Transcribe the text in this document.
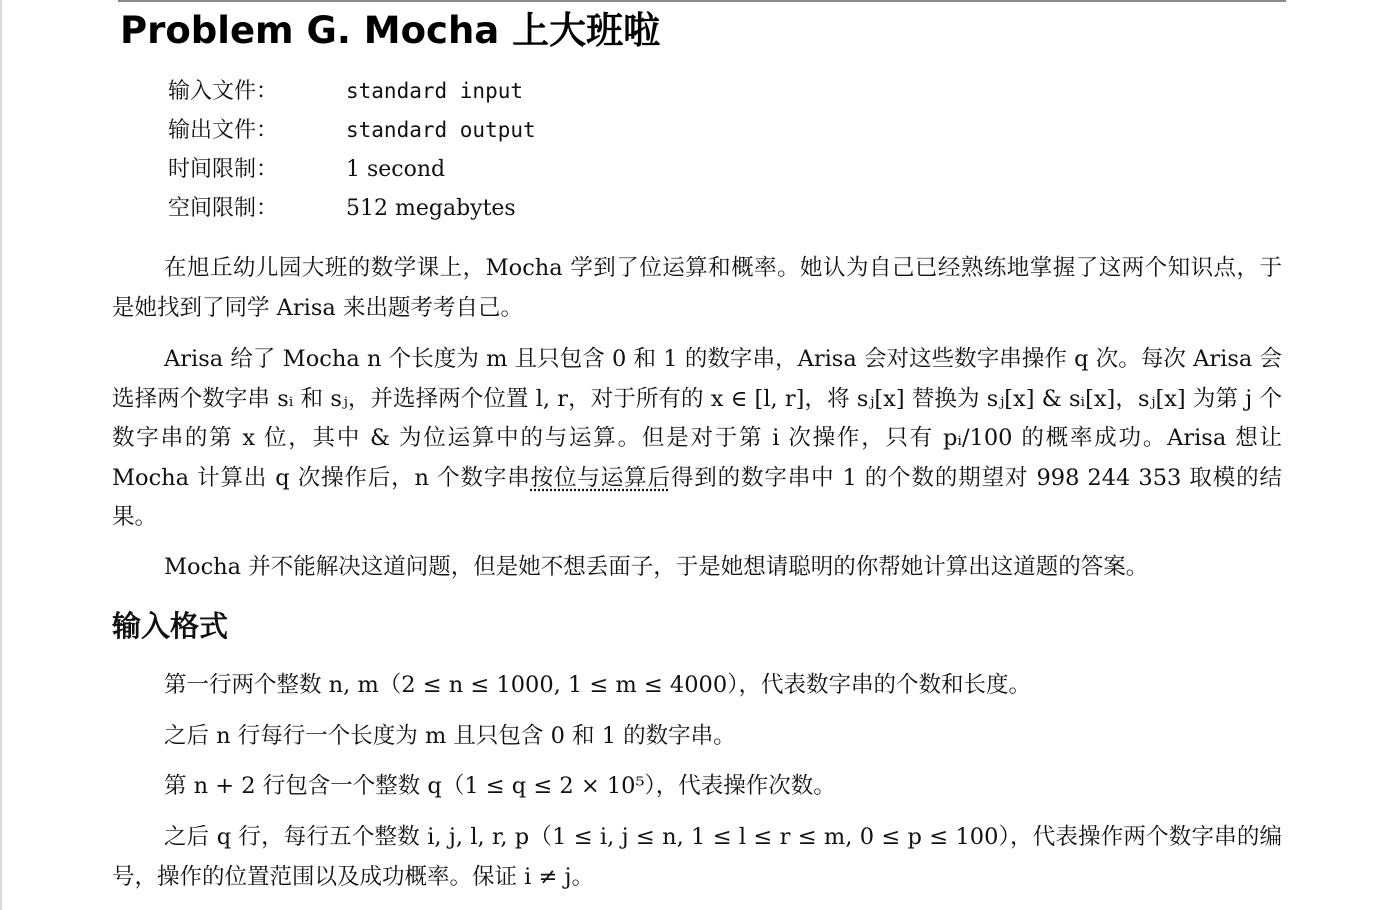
Problem G. Mocha 上大班啦
输入文件：	standard input
输出文件：	standard output
时间限制：	1 second
空间限制：	512 megabytes

在旭丘幼儿园大班的数学课上，Mocha 学到了位运算和概率。她认为自己已经熟练地掌握了这两个知识点，于是她找到了同学 Arisa 来出题考考自己。

Arisa 给了 Mocha n 个长度为 m 且只包含 0 和 1 的数字串，Arisa 会对这些数字串操作 q 次。每次 Arisa 会选择两个数字串 sᵢ 和 sⱼ，并选择两个位置 l, r，对于所有的 x ∈ [l, r]，将 sⱼ[x] 替换为 sⱼ[x] & sᵢ[x]，sⱼ[x] 为第 j 个数字串的第 x 位，其中 & 为位运算中的与运算。但是对于第 i 次操作，只有 pᵢ/100 的概率成功。Arisa 想让 Mocha 计算出 q 次操作后，n 个数字串按位与运算后得到的数字串中 1 的个数的期望对 998 244 353 取模的结果。

Mocha 并不能解决这道问题，但是她不想丢面子，于是她想请聪明的你帮她计算出这道题的答案。

输入格式

第一行两个整数 n, m（2 ≤ n ≤ 1000, 1 ≤ m ≤ 4000），代表数字串的个数和长度。

之后 n 行每行一个长度为 m 且只包含 0 和 1 的数字串。

第 n + 2 行包含一个整数 q（1 ≤ q ≤ 2 × 10⁵），代表操作次数。

之后 q 行，每行五个整数 i, j, l, r, p（1 ≤ i, j ≤ n, 1 ≤ l ≤ r ≤ m, 0 ≤ p ≤ 100），代表操作两个数字串的编号，操作的位置范围以及成功概率。保证 i ≠ j。
